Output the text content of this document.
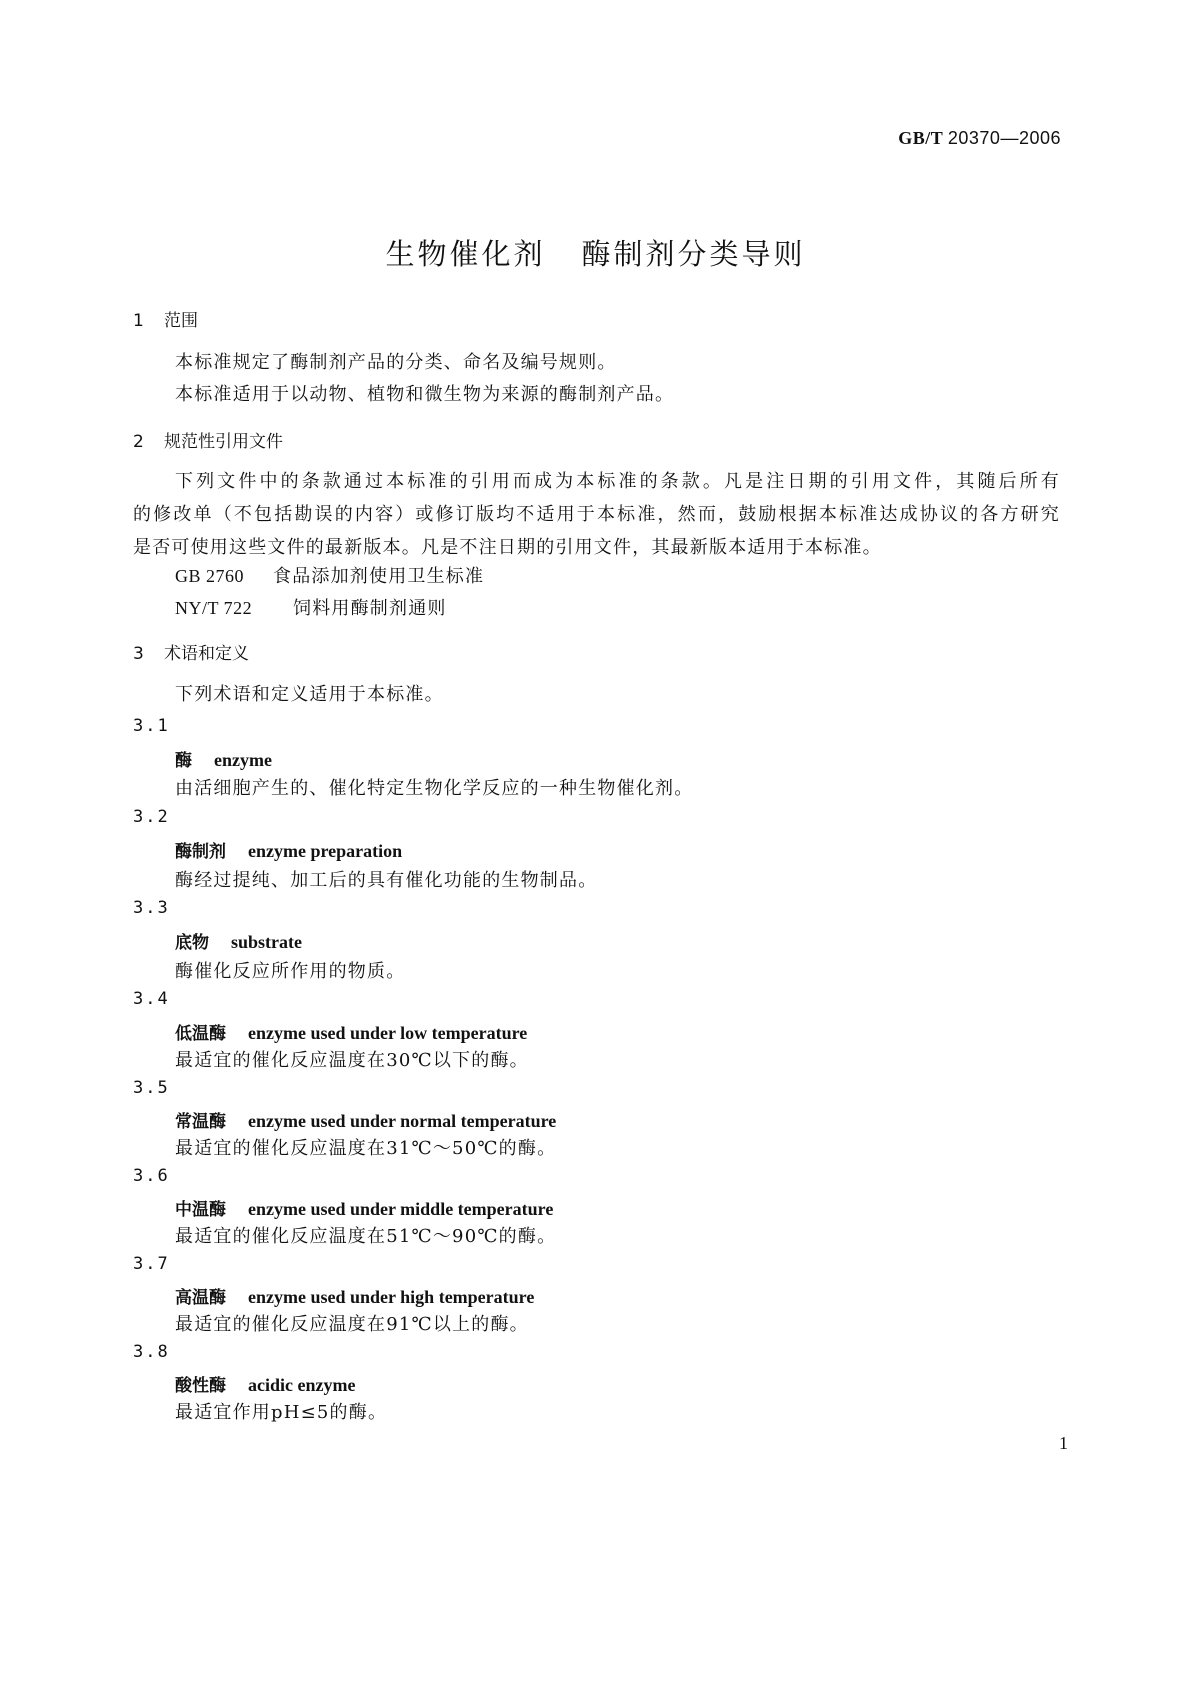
GB/T 20370—2006
生物催化剂 酶制剂分类导则
1 范围
本标准规定了酶制剂产品的分类、命名及编号规则。
本标准适用于以动物、植物和微生物为来源的酶制剂产品。
2 规范性引用文件
下列文件中的条款通过本标准的引用而成为本标准的条款。凡是注日期的引用文件，其随后所有
的修改单（不包括勘误的内容）或修订版均不适用于本标准，然而，鼓励根据本标准达成协议的各方研究
是否可使用这些文件的最新版本。凡是不注日期的引用文件，其最新版本适用于本标准。
GB 2760 食品添加剂使用卫生标准
NY/T 722 饲料用酶制剂通则
3 术语和定义
下列术语和定义适用于本标准。
3.1
酶 enzyme
由活细胞产生的、催化特定生物化学反应的一种生物催化剂。
3.2
酶制剂 enzyme preparation
酶经过提纯、加工后的具有催化功能的生物制品。
3.3
底物 substrate
酶催化反应所作用的物质。
3.4
低温酶 enzyme used under low temperature
最适宜的催化反应温度在30℃以下的酶。
3.5
常温酶 enzyme used under normal temperature
最适宜的催化反应温度在31℃～50℃的酶。
3.6
中温酶 enzyme used under middle temperature
最适宜的催化反应温度在51℃～90℃的酶。
3.7
高温酶 enzyme used under high temperature
最适宜的催化反应温度在91℃以上的酶。
3.8
酸性酶 acidic enzyme
最适宜作用pH≤5的酶。
1
